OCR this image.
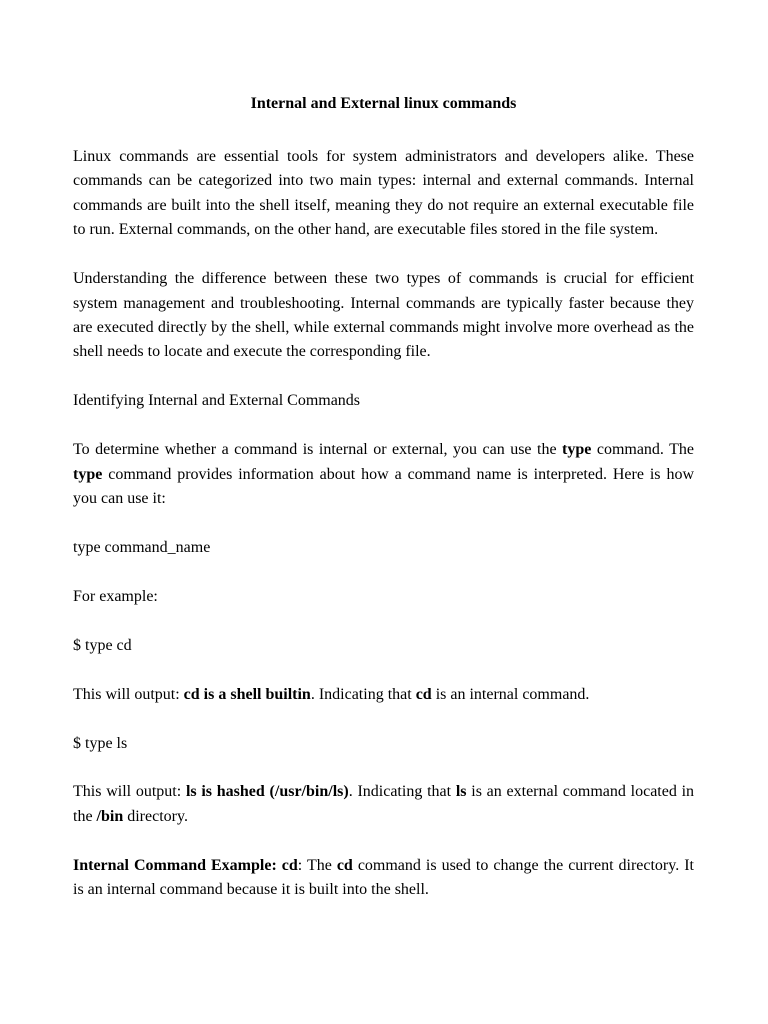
Internal and External linux commands

Linux commands are essential tools for system administrators and developers alike. These commands can be categorized into two main types: internal and external commands. Internal commands are built into the shell itself, meaning they do not require an external executable file to run. External commands, on the other hand, are executable files stored in the file system.

Understanding the difference between these two types of commands is crucial for efficient system management and troubleshooting. Internal commands are typically faster because they are executed directly by the shell, while external commands might involve more overhead as the shell needs to locate and execute the corresponding file.

Identifying Internal and External Commands

To determine whether a command is internal or external, you can use the type command. The type command provides information about how a command name is interpreted. Here is how you can use it:

type command_name

For example:

$ type cd

This will output: cd is a shell builtin. Indicating that cd is an internal command.

$ type ls

This will output: ls is hashed (/usr/bin/ls). Indicating that ls is an external command located in the /bin directory.

Internal Command Example: cd: The cd command is used to change the current directory. It is an internal command because it is built into the shell.
